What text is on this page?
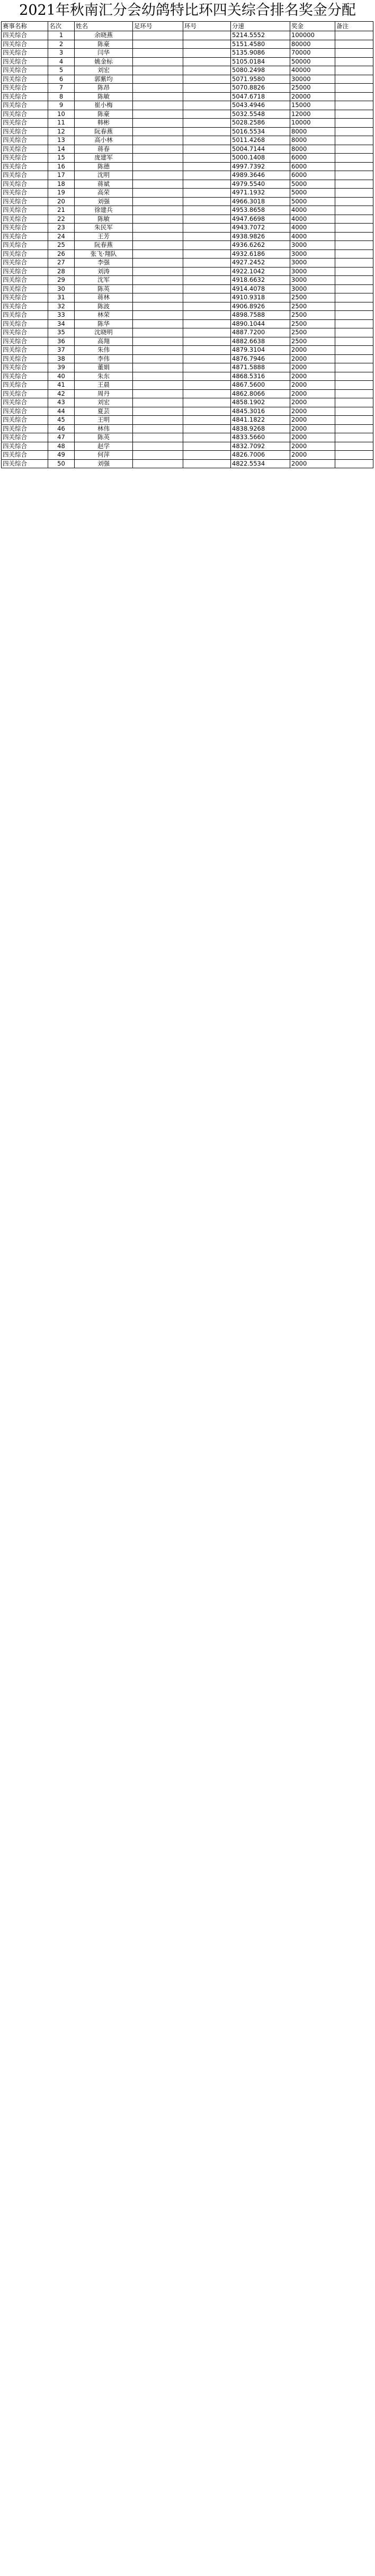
2021年秋南汇分会幼鸽特比环四关综合排名奖金分配
赛事名称	名次	姓名	足环号	环号	分速	奖金	备注
四关综合	1	余晓燕			5214.5552	100000	
四关综合	2	陈豪			5151.4580	80000	
四关综合	3	闫华			5135.9086	70000	
四关综合	4	姚金标			5105.0184	50000	
四关综合	5	刘宏			5080.2498	40000	
四关综合	6	郭紫均			5071.9580	30000	
四关综合	7	陈昂			5070.8826	25000	
四关综合	8	陈敏			5047.6718	20000	
四关综合	9	崔小梅			5043.4946	15000	
四关综合	10	陈豪			5032.5548	12000	
四关综合	11	韩彬			5028.2586	10000	
四关综合	12	阮春燕			5016.5534	8000	
四关综合	13	高小林			5011.4268	8000	
四关综合	14	蒋春			5004.7144	8000	
四关综合	15	庞建军			5000.1408	6000	
四关综合	16	陈德			4997.7392	6000	
四关综合	17	沈明			4989.3646	6000	
四关综合	18	蒋斌			4979.5540	5000	
四关综合	19	高荣			4971.1932	5000	
四关综合	20	刘强			4966.3018	5000	
四关综合	21	徐建兵			4953.8658	4000	
四关综合	22	陈敏			4947.6698	4000	
四关综合	23	朱民军			4943.7072	4000	
四关综合	24	王芳			4938.9826	4000	
四关综合	25	阮春燕			4936.6262	3000	
四关综合	26	张飞·翔队			4932.6186	3000	
四关综合	27	李强			4927.2452	3000	
四关综合	28	刘涛			4922.1042	3000	
四关综合	29	沈军			4918.6632	3000	
四关综合	30	陈英			4914.4078	3000	
四关综合	31	蒋林			4910.9318	2500	
四关综合	32	陈波			4906.8926	2500	
四关综合	33	林荣			4898.7588	2500	
四关综合	34	陈华			4890.1044	2500	
四关综合	35	沈晓明			4887.7200	2500	
四关综合	36	高翔			4882.6638	2500	
四关综合	37	朱伟			4879.3104	2000	
四关综合	38	李伟			4876.7946	2000	
四关综合	39	董娟			4871.5888	2000	
四关综合	40	朱东			4868.5316	2000	
四关综合	41	王晨			4867.5600	2000	
四关综合	42	周丹			4862.8066	2000	
四关综合	43	刘宏			4858.1902	2000	
四关综合	44	夏芸			4845.3016	2000	
四关综合	45	王明			4841.1822	2000	
四关综合	46	林伟			4838.9268	2000	
四关综合	47	陈英			4833.5660	2000	
四关综合	48	赵学			4832.7092	2000	
四关综合	49	何萍			4826.7006	2000	
四关综合	50	刘强			4822.5534	2000	
